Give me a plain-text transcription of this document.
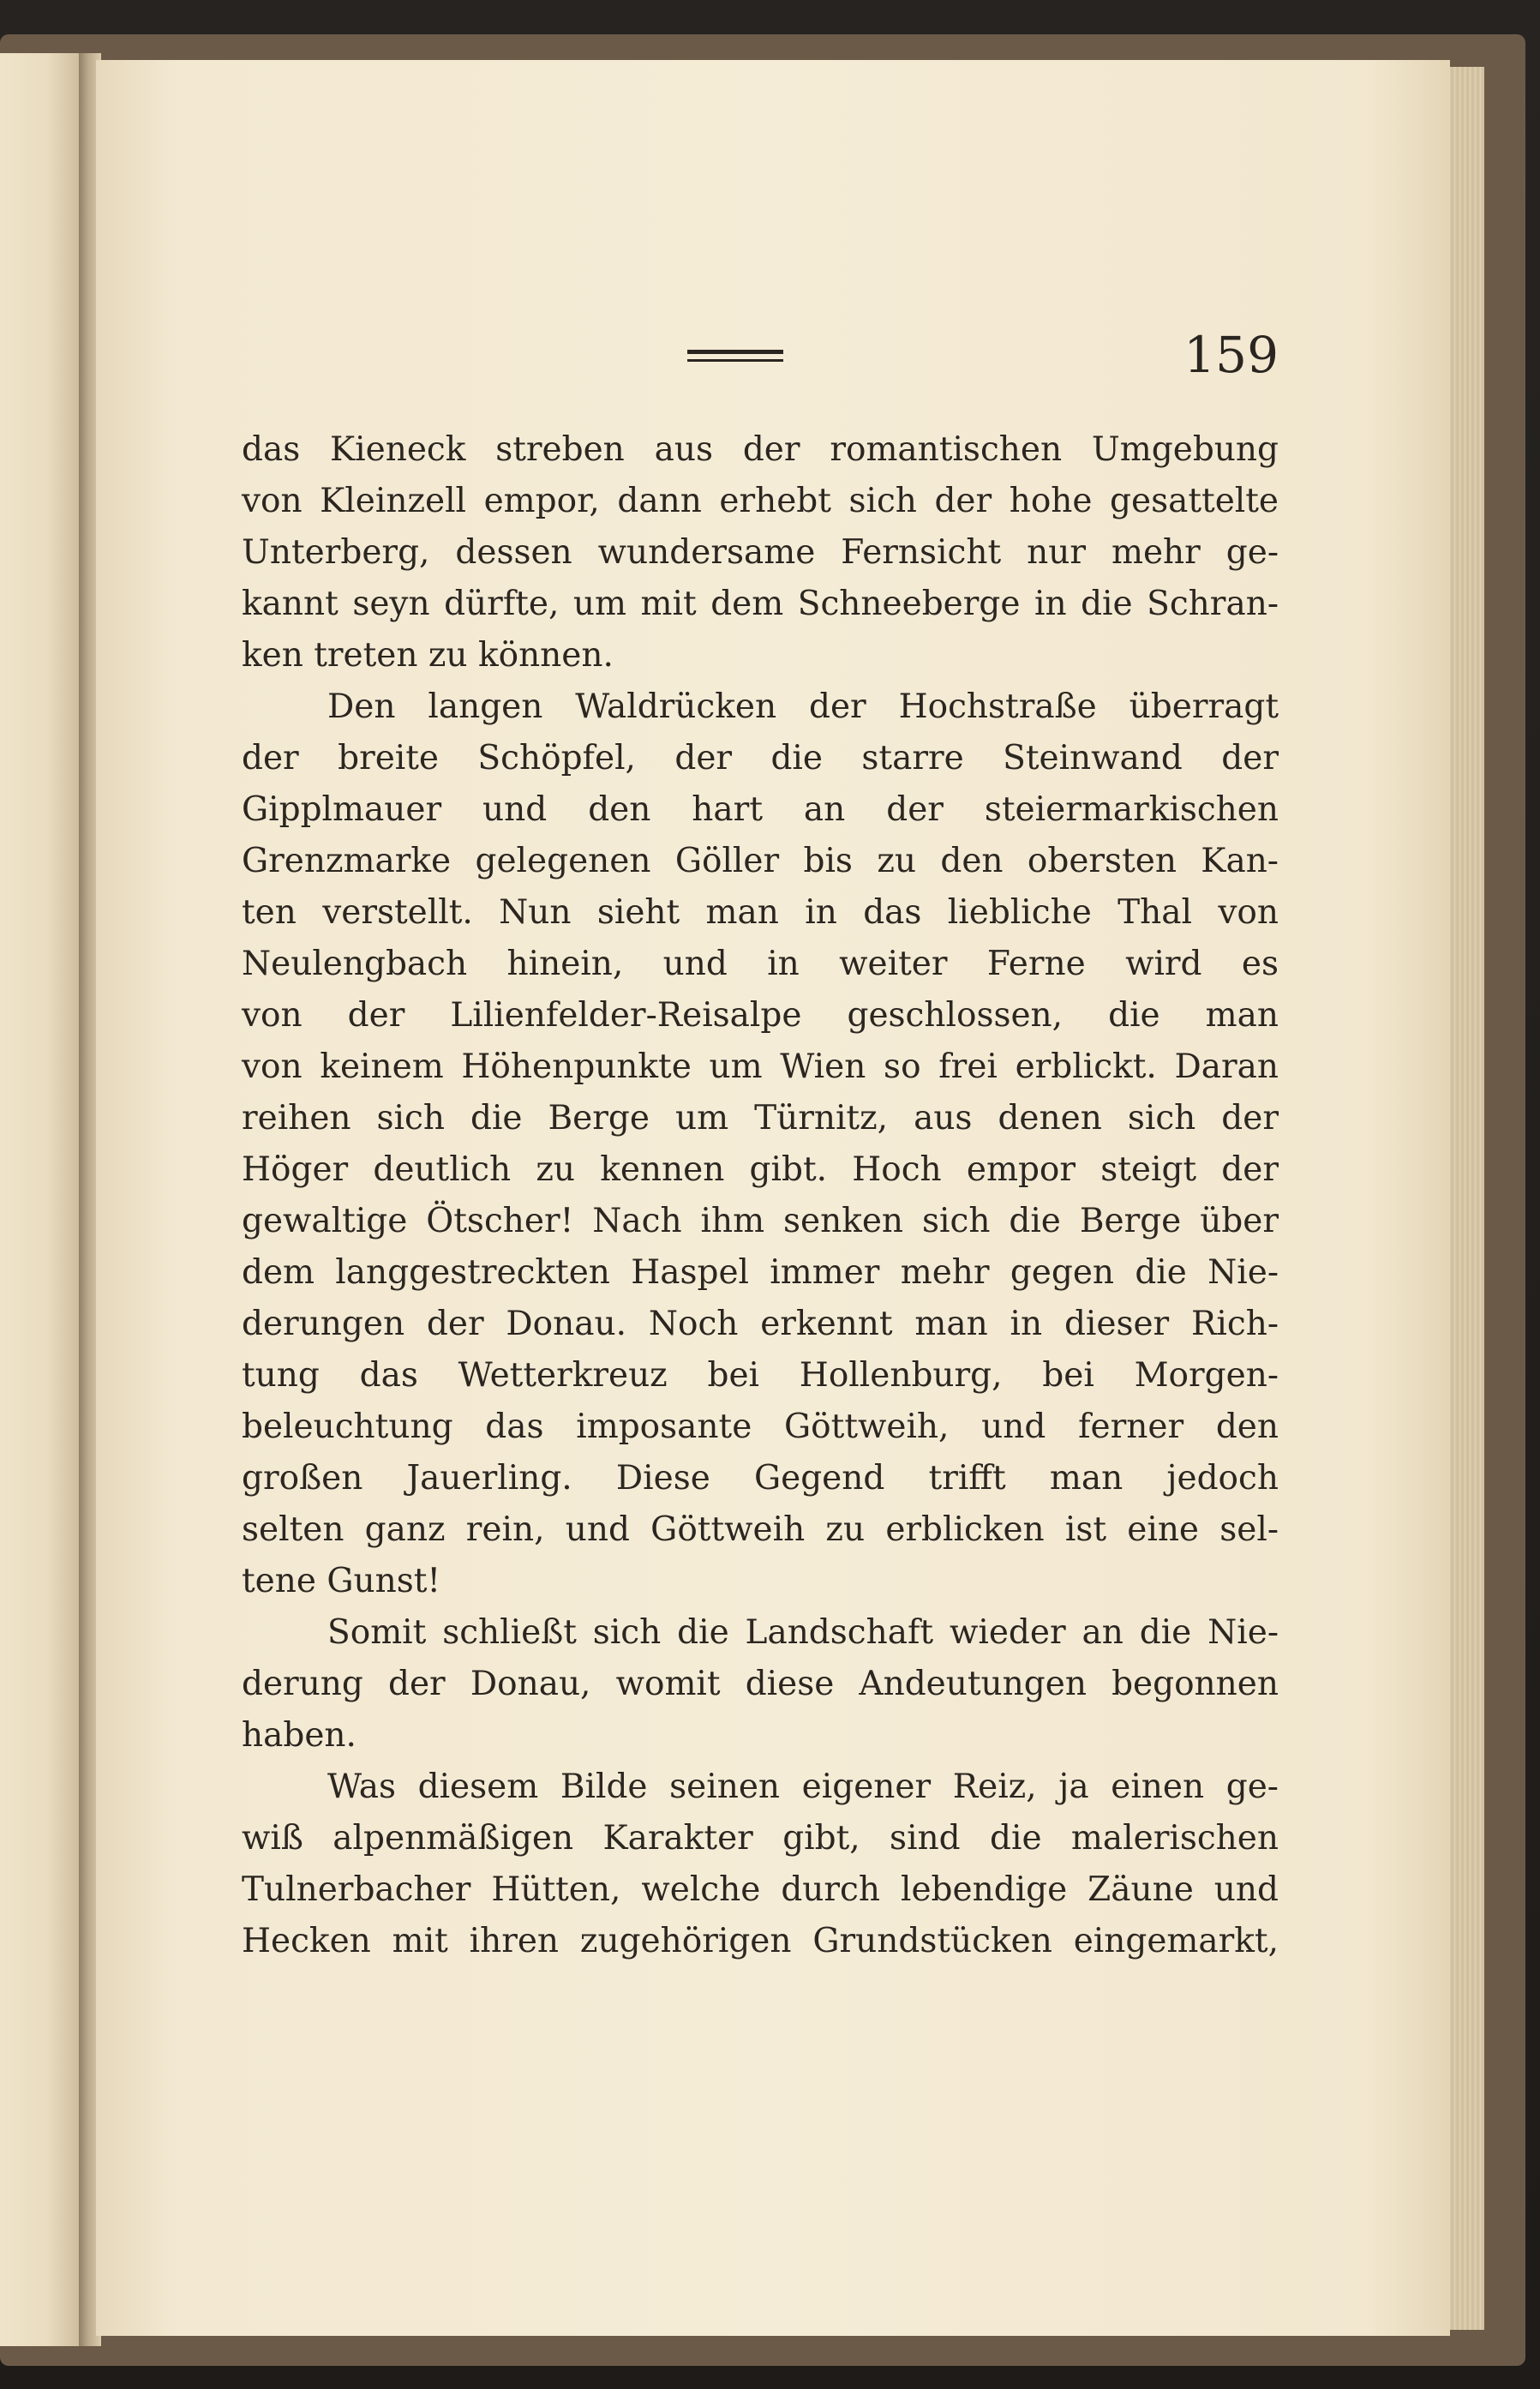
159
das Kieneck streben aus der romantischen Umgebung
von Kleinzell empor, dann erhebt sich der hohe gesattelte
Unterberg, dessen wundersame Fernsicht nur mehr ge-
kannt seyn dürfte, um mit dem Schneeberge in die Schran-
ken treten zu können.
Den langen Waldrücken der Hochstraße überragt
der breite Schöpfel, der die starre Steinwand der
Gipplmauer und den hart an der steiermarkischen
Grenzmarke gelegenen Göller bis zu den obersten Kan-
ten verstellt. Nun sieht man in das liebliche Thal von
Neulengbach hinein, und in weiter Ferne wird es
von der Lilienfelder-Reisalpe geschlossen, die man
von keinem Höhenpunkte um Wien so frei erblickt. Daran
reihen sich die Berge um Türnitz, aus denen sich der
Höger deutlich zu kennen gibt. Hoch empor steigt der
gewaltige Ötscher! Nach ihm senken sich die Berge über
dem langgestreckten Haspel immer mehr gegen die Nie-
derungen der Donau. Noch erkennt man in dieser Rich-
tung das Wetterkreuz bei Hollenburg, bei Morgen-
beleuchtung das imposante Göttweih, und ferner den
großen Jauerling. Diese Gegend trifft man jedoch
selten ganz rein, und Göttweih zu erblicken ist eine sel-
tene Gunst!
Somit schließt sich die Landschaft wieder an die Nie-
derung der Donau, womit diese Andeutungen begonnen
haben.
Was diesem Bilde seinen eigener Reiz, ja einen ge-
wiß alpenmäßigen Karakter gibt, sind die malerischen
Tulnerbacher Hütten, welche durch lebendige Zäune und
Hecken mit ihren zugehörigen Grundstücken eingemarkt,
